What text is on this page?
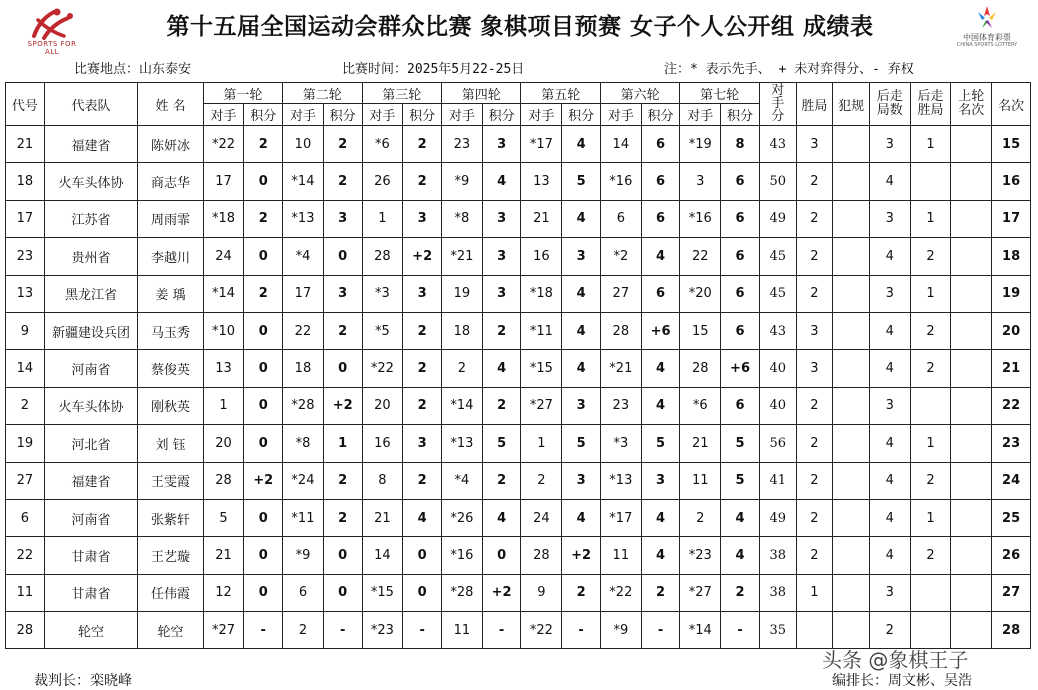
SPORTS FOR ALL
第十五届全国运动会群众比赛 象棋项目预赛 女子个人公开组 成绩表	中国体育彩票
CHINA SPORTS LOTTERY
比赛地点：山东泰安	比赛时间：2025年5月22-25日	注：* 表示先手、 + 未对弈得分、- 弃权
代号	代表队	姓 名	第一轮		第二轮		第三轮		第四轮		第五轮		第六轮		第七轮		对手分	胜局	犯规	后走局数	后走胜局	上轮名次	名次
			对手	积分	对手	积分	对手	积分	对手	积分	对手	积分	对手	积分	对手	积分							
21	福建省	陈妍冰	*22	2	10	2	*6	2	23	3	*17	4	14	6	*19	8	43	3		3	1		15
18	火车头体协	商志华	17	0	*14	2	26	2	*9	4	13	5	*16	6	3	6	50	2		4			16
17	江苏省	周雨霏	*18	2	*13	3	1	3	*8	3	21	4	6	6	*16	6	49	2		3	1		17
23	贵州省	李越川	24	0	*4	0	28	+2	*21	3	16	3	*2	4	22	6	45	2		4	2		18
13	黑龙江省	姜 瑀	*14	2	17	3	*3	3	19	3	*18	4	27	6	*20	6	45	2		3	1		19
9	新疆建设兵团	马玉秀	*10	0	22	2	*5	2	18	2	*11	4	28	+6	15	6	43	3		4	2		20
14	河南省	蔡俊英	13	0	18	0	*22	2	2	4	*15	4	*21	4	28	+6	40	3		4	2		21
2	火车头体协	刚秋英	1	0	*28	+2	20	2	*14	2	*27	3	23	4	*6	6	40	2		3			22
19	河北省	刘 钰	20	0	*8	1	16	3	*13	5	1	5	*3	5	21	5	56	2		4	1		23
27	福建省	王雯霞	28	+2	*24	2	8	2	*4	2	2	3	*13	3	11	5	41	2		4	2		24
6	河南省	张紫轩	5	0	*11	2	21	4	*26	4	24	4	*17	4	2	4	49	2		4	1		25
22	甘肃省	王艺璇	21	0	*9	0	14	0	*16	0	28	+2	11	4	*23	4	38	2		4	2		26
11	甘肃省	任伟霞	12	0	6	0	*15	0	*28	+2	9	2	*22	2	*27	2	38	1		3			27
28	轮空	轮空	*27	-	2	-	*23	-	11	-	*22	-	*9	-	*14	-	35			2			28
裁判长：栾晓峰	编排长：周文彬、吴浩
头条 @象棋王子
